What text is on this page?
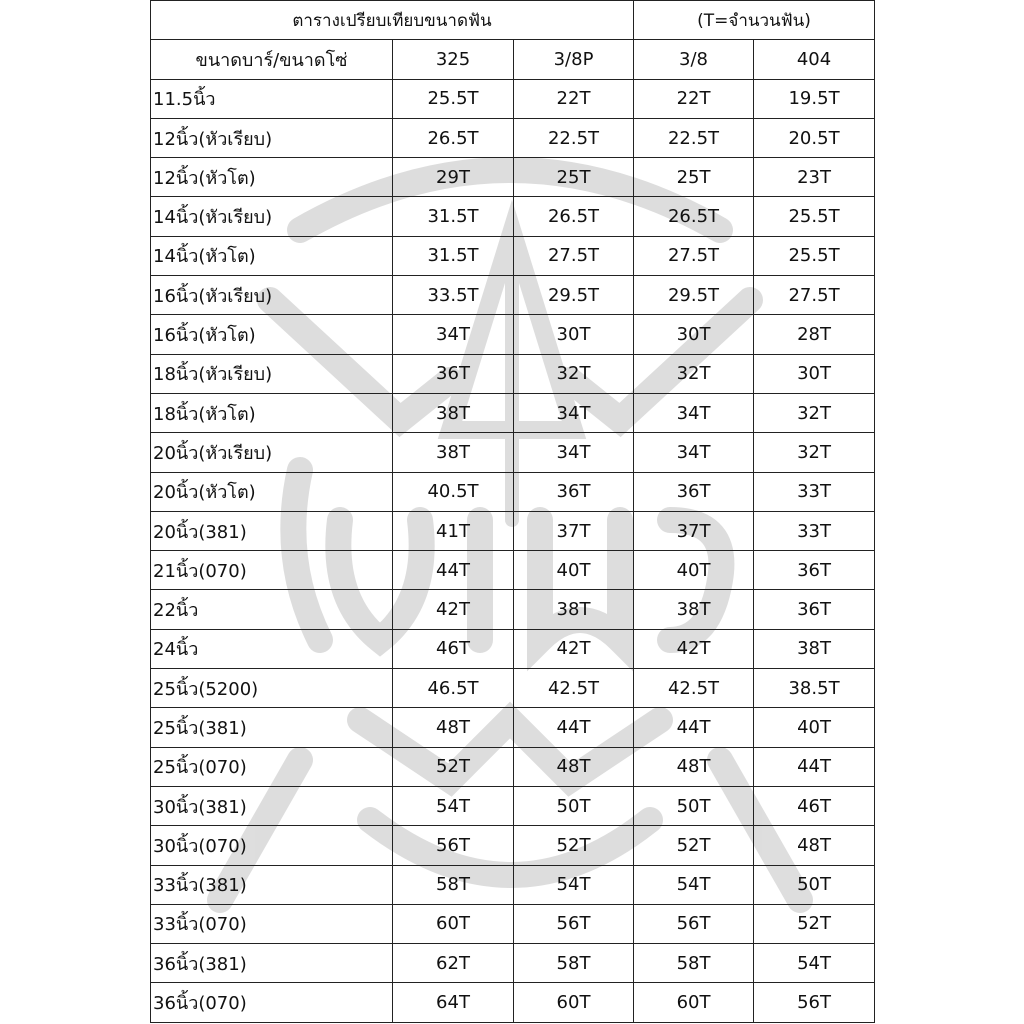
ตารางเปรียบเทียบขนาดฟัน			(T=จำนวนฟัน)	
ขนาดบาร์/ขนาดโซ่	325	3/8P	3/8	404
11.5นิ้ว	25.5T	22T	22T	19.5T
12นิ้ว(หัวเรียบ)	26.5T	22.5T	22.5T	20.5T
12นิ้ว(หัวโต)	29T	25T	25T	23T
14นิ้ว(หัวเรียบ)	31.5T	26.5T	26.5T	25.5T
14นิ้ว(หัวโต)	31.5T	27.5T	27.5T	25.5T
16นิ้ว(หัวเรียบ)	33.5T	29.5T	29.5T	27.5T
16นิ้ว(หัวโต)	34T	30T	30T	28T
18นิ้ว(หัวเรียบ)	36T	32T	32T	30T
18นิ้ว(หัวโต)	38T	34T	34T	32T
20นิ้ว(หัวเรียบ)	38T	34T	34T	32T
20นิ้ว(หัวโต)	40.5T	36T	36T	33T
20นิ้ว(381)	41T	37T	37T	33T
21นิ้ว(070)	44T	40T	40T	36T
22นิ้ว	42T	38T	38T	36T
24นิ้ว	46T	42T	42T	38T
25นิ้ว(5200)	46.5T	42.5T	42.5T	38.5T
25นิ้ว(381)	48T	44T	44T	40T
25นิ้ว(070)	52T	48T	48T	44T
30นิ้ว(381)	54T	50T	50T	46T
30นิ้ว(070)	56T	52T	52T	48T
33นิ้ว(381)	58T	54T	54T	50T
33นิ้ว(070)	60T	56T	56T	52T
36นิ้ว(381)	62T	58T	58T	54T
36นิ้ว(070)	64T	60T	60T	56T
